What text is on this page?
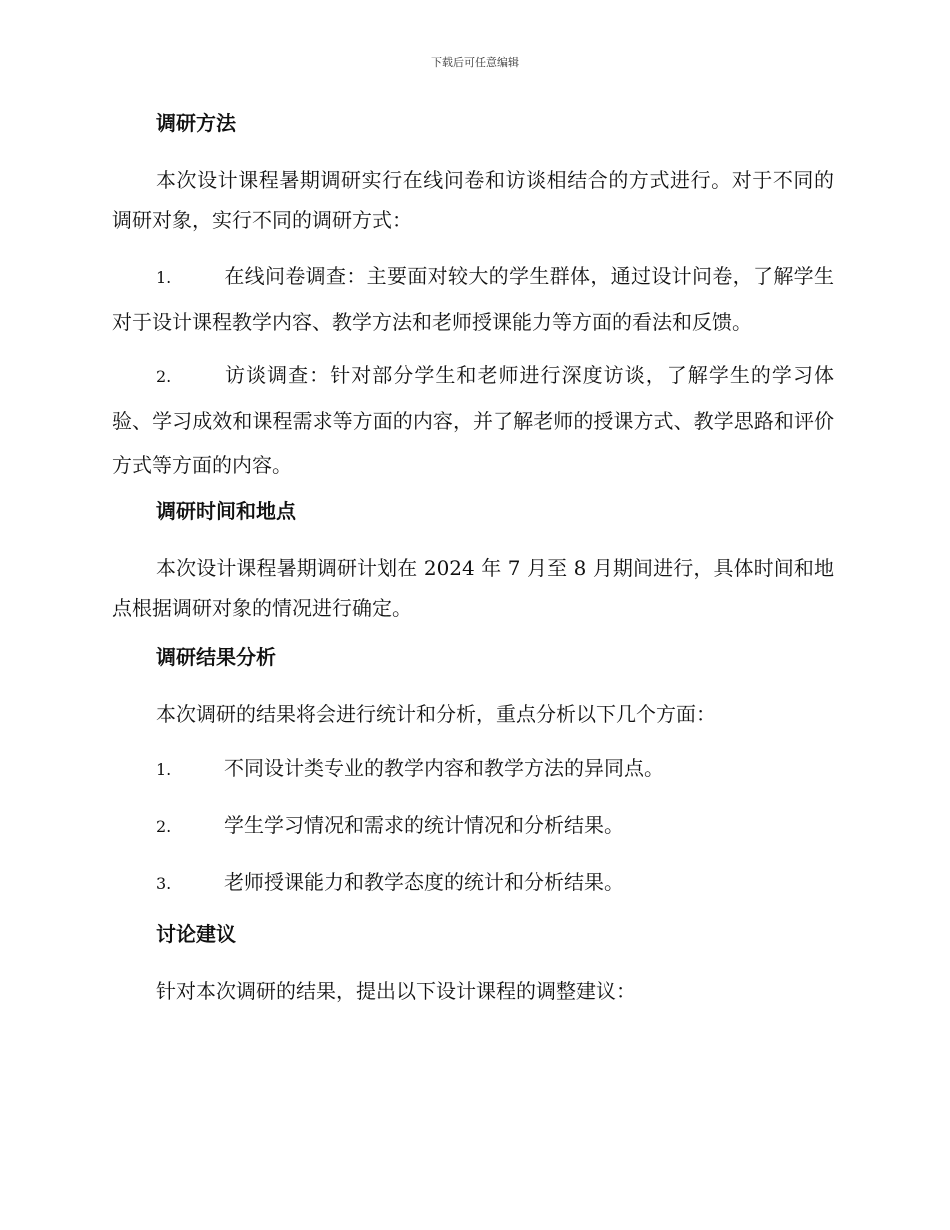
下载后可任意编辑
调研方法
本次设计课程暑期调研实行在线问卷和访谈相结合的方式进行。对于不同的调研对象，实行不同的调研方式：
1.	在线问卷调查：主要面对较大的学生群体，通过设计问卷，了解学生对于设计课程教学内容、教学方法和老师授课能力等方面的看法和反馈。
2.	访谈调查：针对部分学生和老师进行深度访谈，了解学生的学习体验、学习成效和课程需求等方面的内容，并了解老师的授课方式、教学思路和评价方式等方面的内容。
调研时间和地点
本次设计课程暑期调研计划在 2024 年 7 月至 8 月期间进行，具体时间和地点根据调研对象的情况进行确定。
调研结果分析
本次调研的结果将会进行统计和分析，重点分析以下几个方面：
1.	不同设计类专业的教学内容和教学方法的异同点。
2.	学生学习情况和需求的统计情况和分析结果。
3.	老师授课能力和教学态度的统计和分析结果。
讨论建议
针对本次调研的结果，提出以下设计课程的调整建议：
